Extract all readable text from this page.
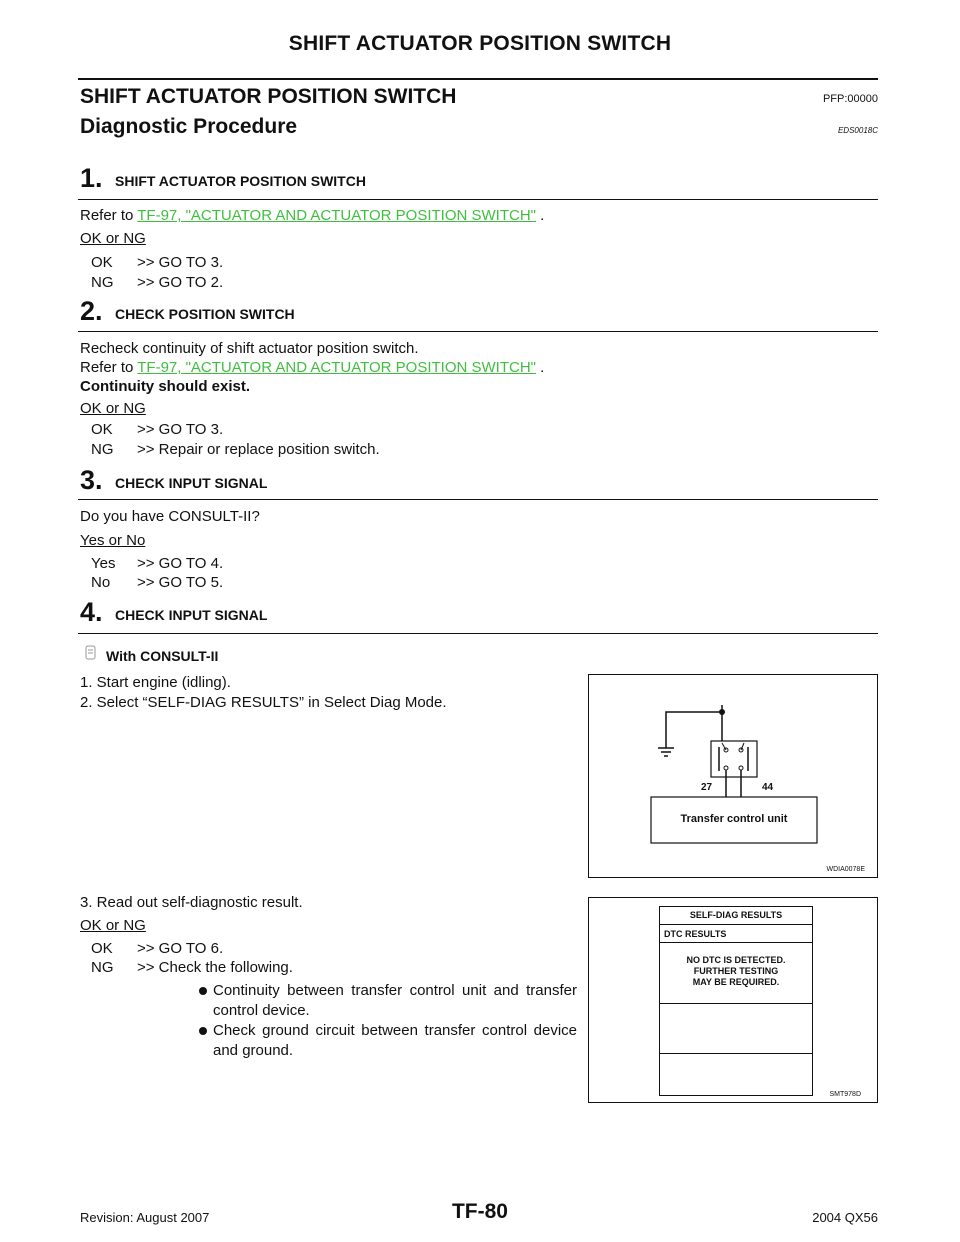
SHIFT ACTUATOR POSITION SWITCH
SHIFT ACTUATOR POSITION SWITCH	PFP:00000
Diagnostic Procedure	EDS0018C
1. SHIFT ACTUATOR POSITION SWITCH
Refer to TF-97, "ACTUATOR AND ACTUATOR POSITION SWITCH" .
OK or NG
OK >> GO TO 3.
NG >> GO TO 2.
2. CHECK POSITION SWITCH
Recheck continuity of shift actuator position switch.
Refer to TF-97, "ACTUATOR AND ACTUATOR POSITION SWITCH" .
Continuity should exist.
OK or NG
OK >> GO TO 3.
NG >> Repair or replace position switch.
3. CHECK INPUT SIGNAL
Do you have CONSULT-II?
Yes or No
Yes >> GO TO 4.
No >> GO TO 5.
4. CHECK INPUT SIGNAL
With CONSULT-II
1. Start engine (idling).
2. Select “SELF-DIAG RESULTS” in Select Diag Mode.
3. Read out self-diagnostic result.
OK or NG
OK >> GO TO 6.
NG >> Check the following.
Continuity between transfer control unit and transfer control device.
Check ground circuit between transfer control device and ground.
27	44
Transfer control unit
WDIA0078E
SELF-DIAG RESULTS
DTC RESULTS
NO DTC IS DETECTED.
FURTHER TESTING
MAY BE REQUIRED.
SMT978D
Revision: August 2007	TF-80	2004 QX56
